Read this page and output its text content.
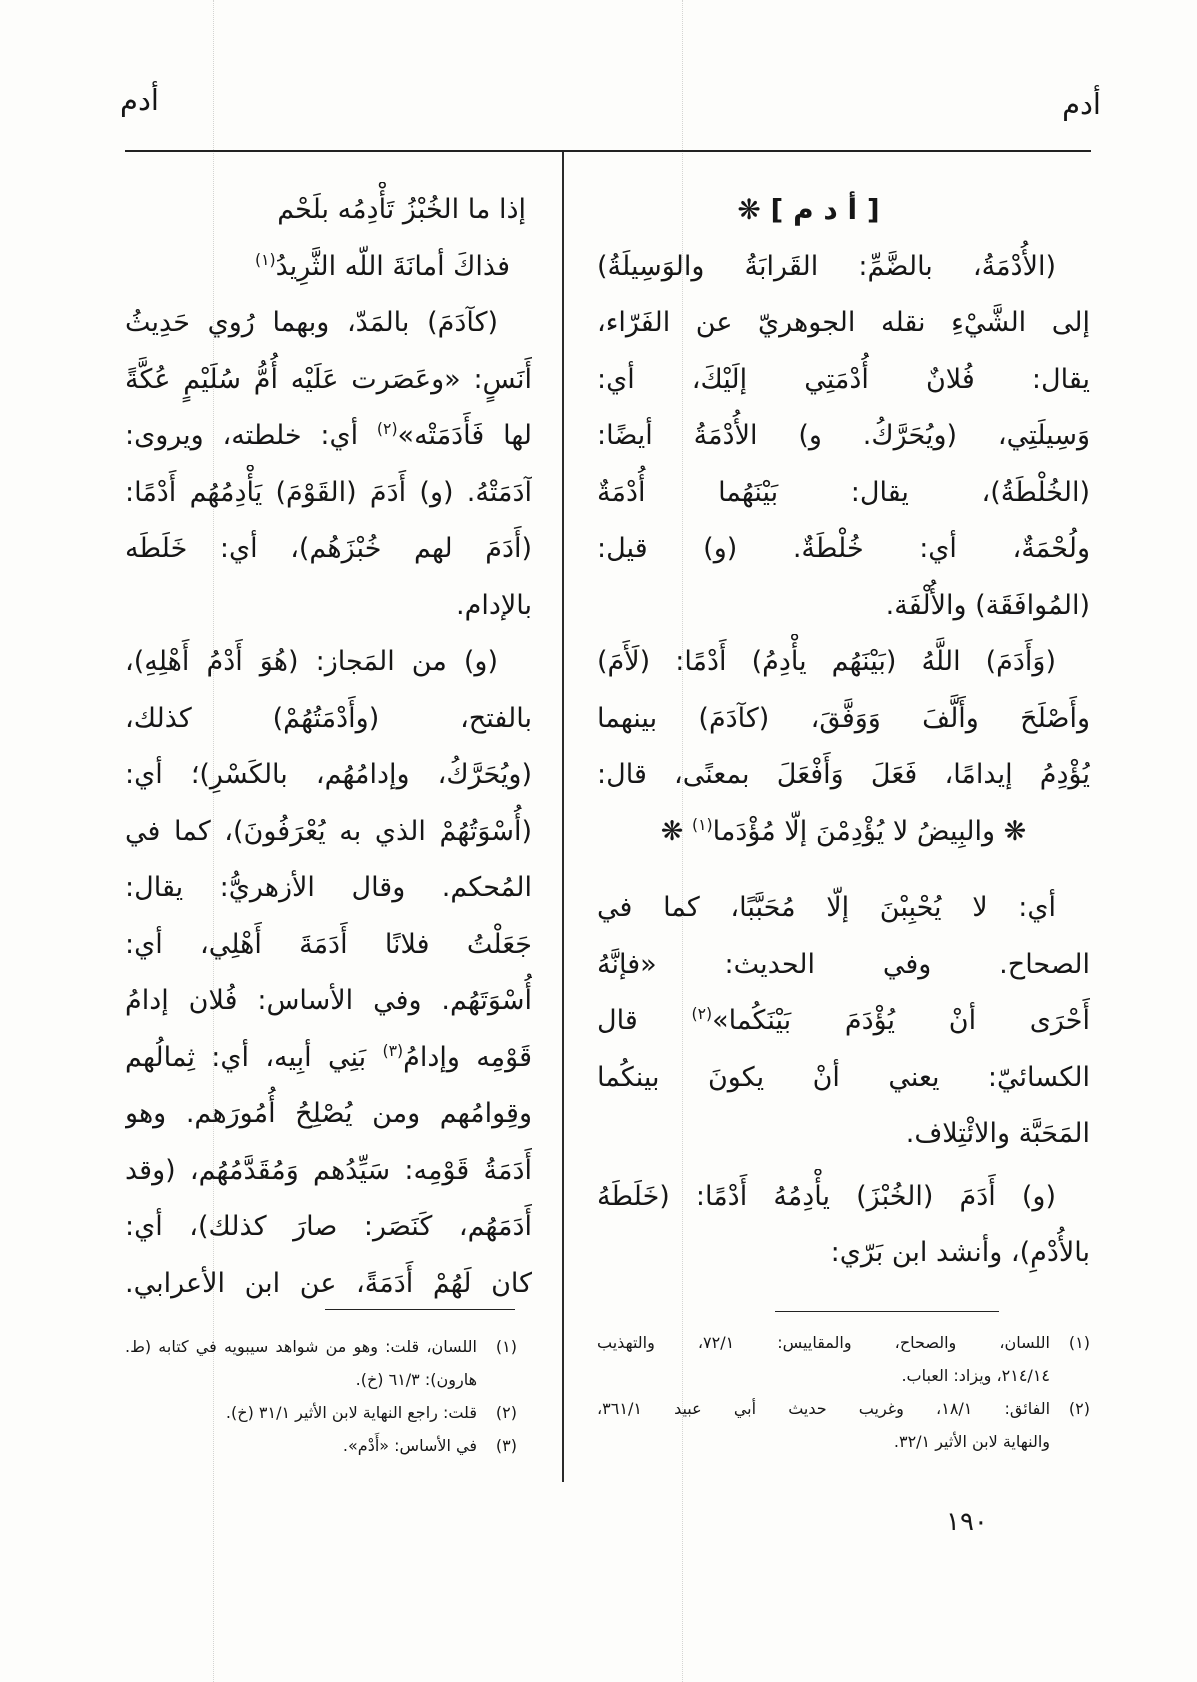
أدم
أدم
[ أ د م ] ❋
(الأُدْمَةُ، بالضَّمِّ: القَرابَةُ والوَسِيلَةُ)
إلى الشَّيْءِ نقله الجوهريّ عن الفَرّاء،
يقال: فُلانٌ أُدْمَتِي إلَيْكَ، أي:
وَسِيلَتِي، (ويُحَرَّكُ. و) الأُدْمَةُ أيضًا:
(الخُلْطَةُ)، يقال: بَيْنَهُما أُدْمَةٌ
ولُحْمَةٌ، أي: خُلْطَةٌ. (و) قيل:
(المُوافَقَة) والأُلْفَة.
(وَأَدَمَ) اللَّهُ (بَيْنَهُم يأْدِمُ) أَدْمًا: (لَأَمَ)
وأَصْلَحَ وأَلَّفَ وَوَفَّقَ، (كآدَمَ) بينهما
يُؤْدِمُ إيدامًا، فَعَلَ وَأَفْعَلَ بمعنًى، قال:
❋ والبِيضُ لا يُؤْدِمْنَ إلّا مُؤْدَما$^{(١)}$ ❋
أي: لا يُحْبِبْنَ إلّا مُحَبَّبًا، كما في
الصحاح. وفي الحديث: «فإنَّهُ
أَحْرَى أنْ يُؤْدَمَ بَيْنَكُما»$^{(٢)}$ قال
الكسائيّ: يعني أنْ يكونَ بينكُما
المَحَبَّة والائْتِلاف.
(و) أَدَمَ (الخُبْزَ) يأْدِمُهُ أَدْمًا: (خَلَطَهُ
بالأُدْمِ)، وأنشد ابن بَرّي:
إذا ما الخُبْزُ تَأْدِمُه بلَحْم
فذاكَ أمانَةَ اللّه الثَّرِيدُ$^{(١)}$
(كآدَمَ) بالمَدّ، وبهما رُوي حَدِيثُ
أَنَسٍ: «وعَصَرت عَلَيْه أُمُّ سُلَيْمٍ عُكَّةً
لها فَأَدَمَتْه»$^{(٢)}$ أي: خلطته، ويروى:
آدَمَتْهُ. (و) أَدَمَ (القَوْمَ) يَأْدِمُهُم أَدْمًا:
(أَدَمَ لهم خُبْزَهُم)، أي: خَلَطَه
بالإدام.
(و) من المَجاز: (هُوَ أَدْمُ أَهْلِهِ)،
بالفتح، (وأَدْمَتُهُمْ) كذلك،
(ويُحَرَّكُ، وإدامُهُم، بالكَسْرِ)؛ أي:
(أُسْوَتُهُمْ الذي به يُعْرَفُونَ)، كما في
المُحكم. وقال الأزهريُّ: يقال:
جَعَلْتُ فلانًا أَدَمَةَ أَهْلِي، أي:
أُسْوَتَهُم. وفي الأساس: فُلان إدامُ
قَوْمِه وإدامُ$^{(٣)}$ بَنِي أبِيه، أي: ثِمالُهم
وقِوامُهم ومن يُصْلِحُ أُمُورَهم. وهو
أَدَمَةُ قَوْمِه: سَيِّدُهم وَمُقَدَّمُهُم، (وقد
أَدَمَهُم، كَنَصَر: صارَ كذلك)، أي:
كان لَهُمْ أَدَمَةً، عن ابن الأعرابي.
(١)
اللسان، والصحاح، والمقاييس: ٧٢/١، والتهذيب
٢١٤/١٤، ويزاد: العباب.
(٢)
الفائق: ١٨/١، وغريب حديث أبي عبيد ٣٦١/١،
والنهاية لابن الأثير ٣٢/١.
(١)
اللسان، قلت: وهو من شواهد سيبويه في كتابه (ط.
هارون): ٦١/٣ (خ).
(٢)
قلت: راجع النهاية لابن الأثير ٣١/١ (خ).
(٣)
في الأساس: «أَدْم».
١٩٠
